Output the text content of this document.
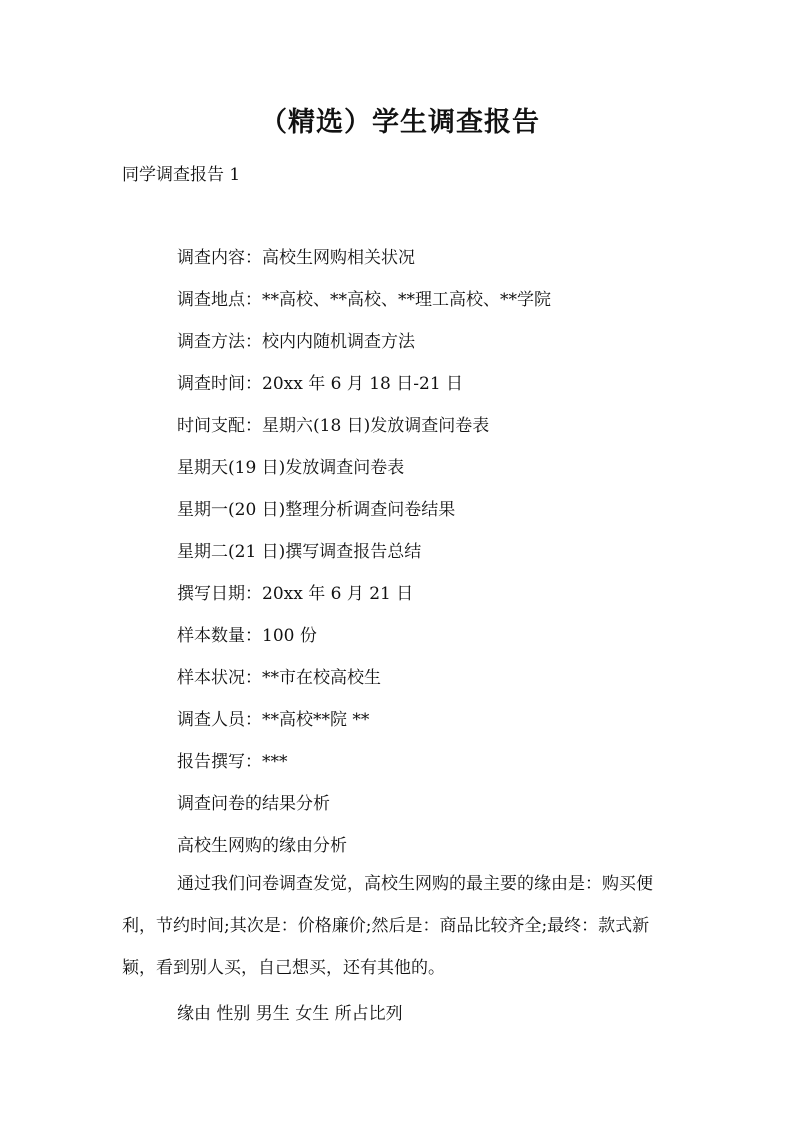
（精选）学生调查报告
同学调查报告 1
调查内容：高校生网购相关状况
调查地点：**高校、**高校、**理工高校、**学院
调查方法：校内内随机调查方法
调查时间：20xx 年 6 月 18 日-21 日
时间支配：星期六(18 日)发放调查问卷表
星期天(19 日)发放调查问卷表
星期一(20 日)整理分析调查问卷结果
星期二(21 日)撰写调查报告总结
撰写日期：20xx 年 6 月 21 日
样本数量：100 份
样本状况：**市在校高校生
调查人员：**高校**院 **
报告撰写：***
调查问卷的结果分析
高校生网购的缘由分析

通过我们问卷调查发觉，高校生网购的最主要的缘由是：购买便利，节约时间;其次是：价格廉价;然后是：商品比较齐全;最终：款式新颖，看到别人买，自己想买，还有其他的。

缘由 性别 男生 女生 所占比列
